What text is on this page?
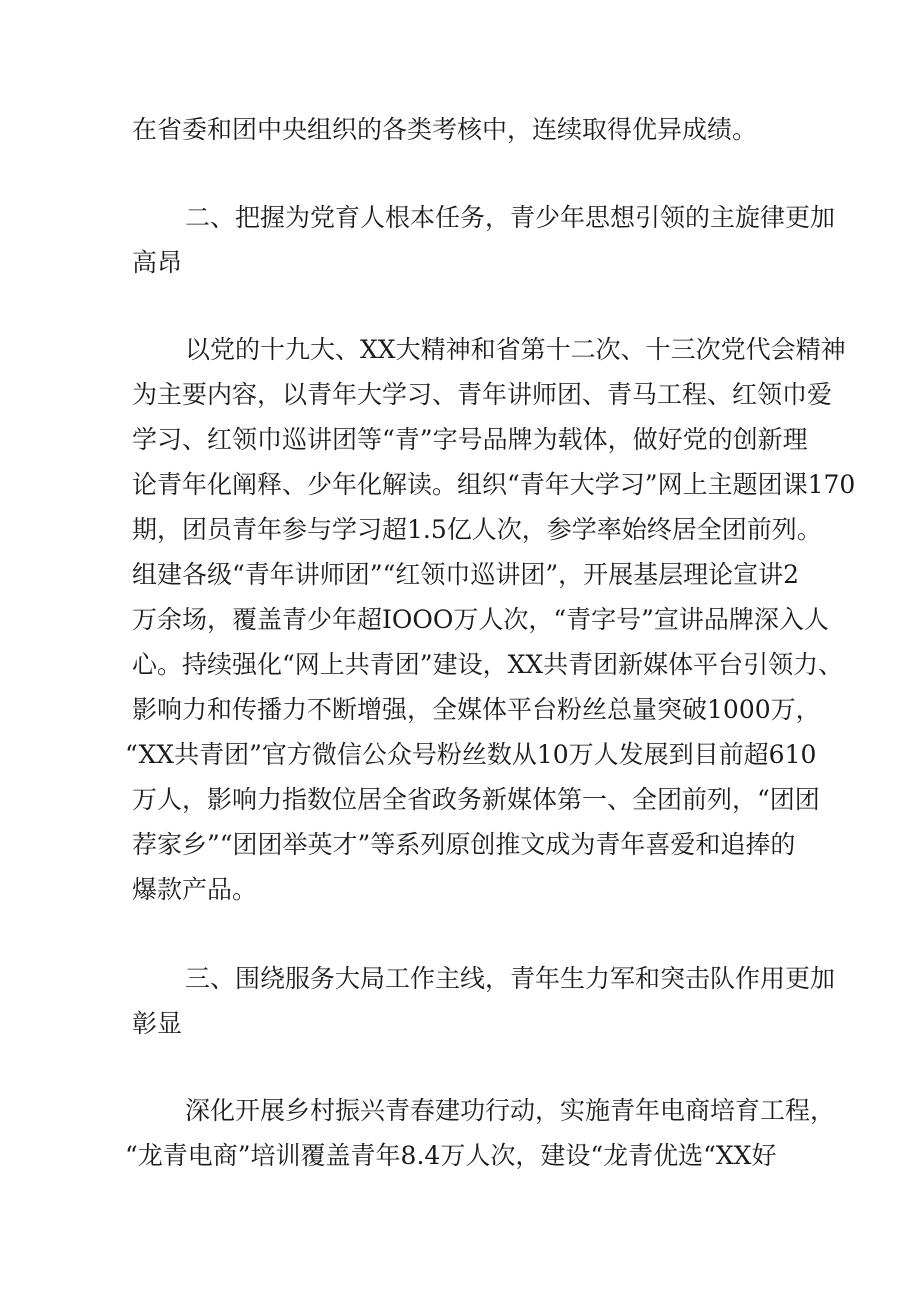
在省委和团中央组织的各类考核中，连续取得优异成绩。
二、把握为党育人根本任务，青少年思想引领的主旋律更加
高昂
以党的十九大、XX大精神和省第十二次、十三次党代会精神
为主要内容，以青年大学习、青年讲师团、青马工程、红领巾爱
学习、红领巾巡讲团等“青”字号品牌为载体，做好党的创新理
论青年化阐释、少年化解读。组织“青年大学习”网上主题团课170
期，团员青年参与学习超1.5亿人次，参学率始终居全团前列。
组建各级“青年讲师团”“红领巾巡讲团”，开展基层理论宣讲2
万余场，覆盖青少年超IOOO万人次，“青字号”宣讲品牌深入人
心。持续强化“网上共青团”建设，XX共青团新媒体平台引领力、
影响力和传播力不断增强，全媒体平台粉丝总量突破1000万，
“XX共青团”官方微信公众号粉丝数从10万人发展到目前超610
万人，影响力指数位居全省政务新媒体第一、全团前列，“团团
荐家乡”“团团举英才”等系列原创推文成为青年喜爱和追捧的
爆款产品。
三、围绕服务大局工作主线，青年生力军和突击队作用更加
彰显
深化开展乡村振兴青春建功行动，实施青年电商培育工程，
“龙青电商”培训覆盖青年8.4万人次，建设“龙青优选“XX好
